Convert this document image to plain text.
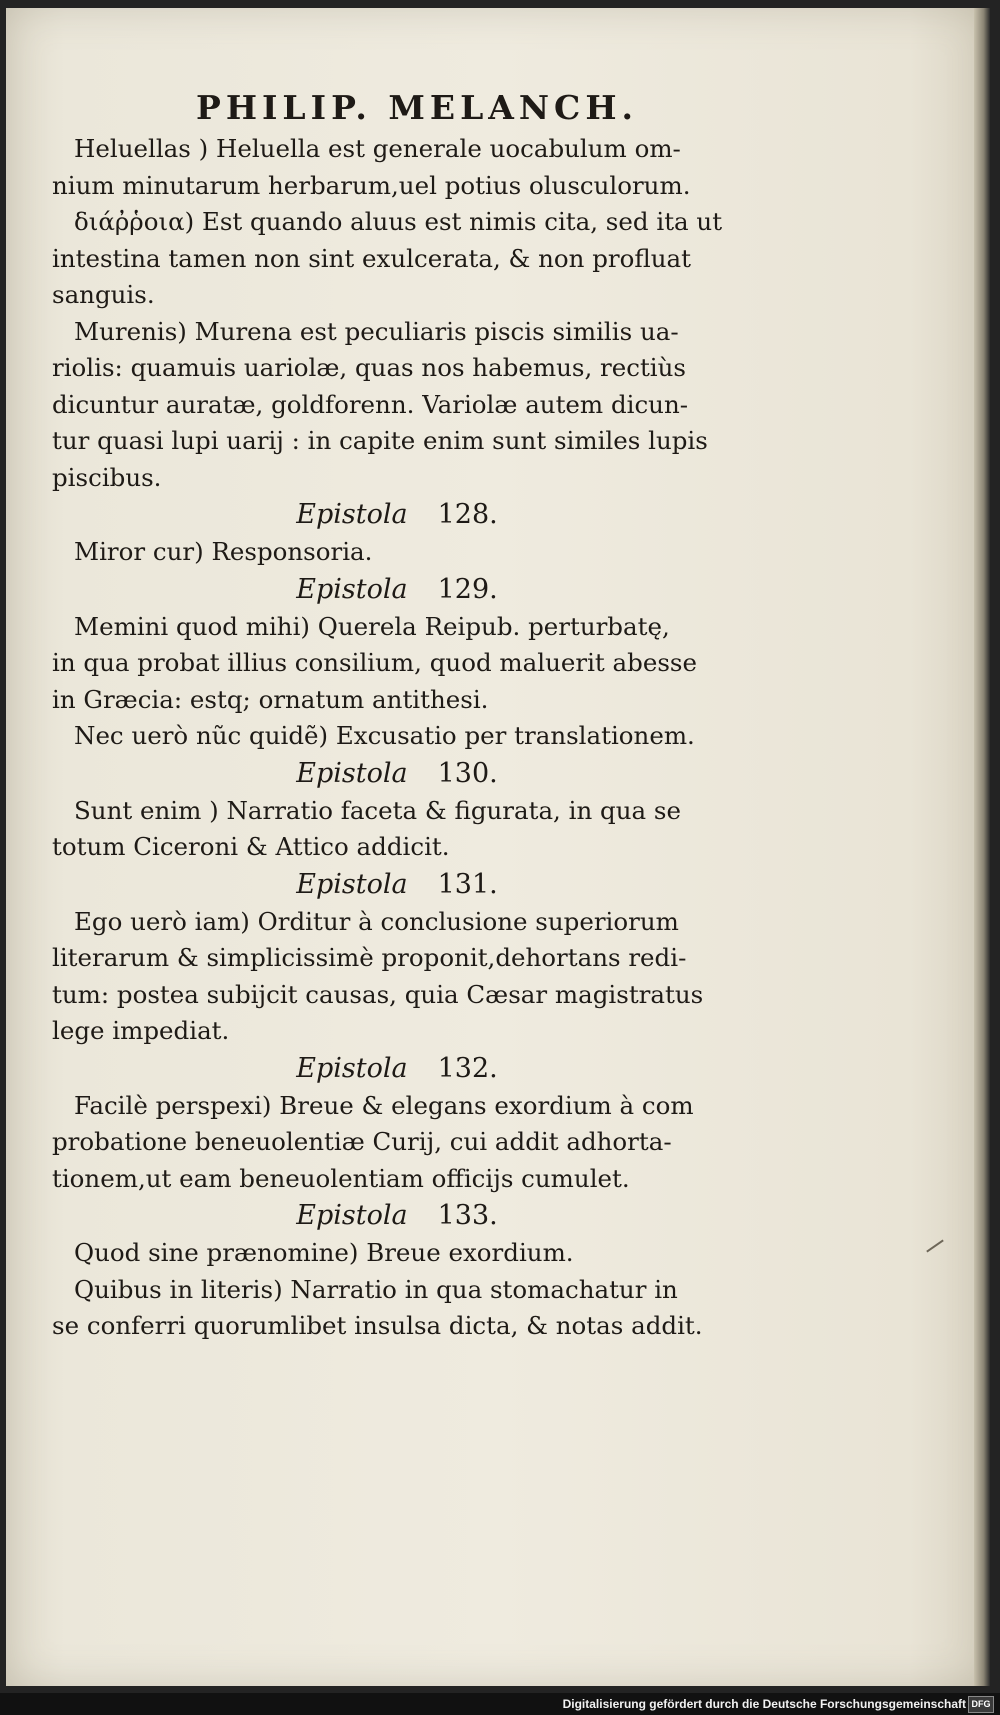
PHILIP. MELANCH.
Heluellas ) Heluella est generale uocabulum om-
nium minutarum herbarum,uel potius olusculorum.
διάῤῥοια) Est quando aluus est nimis cita, sed ita ut
intestina tamen non sint exulcerata, & non profluat
sanguis.
Murenis) Murena est peculiaris piscis similis ua-
riolis: quamuis uariolæ, quas nos habemus, rectiùs
dicuntur auratæ, goldforenn. Variolæ autem dicun-
tur quasi lupi uarij : in capite enim sunt similes lupis
piscibus.
Epistola 128.
Miror cur) Responsoria.
Epistola 129.
Memini quod mihi) Querela Reipub. perturbatę,
in qua probat illius consilium, quod maluerit abesse
in Græcia: estq; ornatum antithesi.
Nec uerò nũc quidẽ) Excusatio per translationem.
Epistola 130.
Sunt enim ) Narratio faceta & figurata, in qua se
totum Ciceroni & Attico addicit.
Epistola 131.
Ego uerò iam) Orditur à conclusione superiorum
literarum & simplicissimè proponit,dehortans redi-
tum: postea subijcit causas, quia Cæsar magistratus
lege impediat.
Epistola 132.
Facilè perspexi) Breue & elegans exordium à com
probatione beneuolentiæ Curij, cui addit adhorta-
tionem,ut eam beneuolentiam officijs cumulet.
Epistola 133.
Quod sine prænomine) Breue exordium.
Quibus in literis) Narratio in qua stomachatur in
se conferri quorumlibet insulsa dicta, & notas addit.
Digitalisierung gefördert durch die Deutsche Forschungsgemeinschaft DFG
